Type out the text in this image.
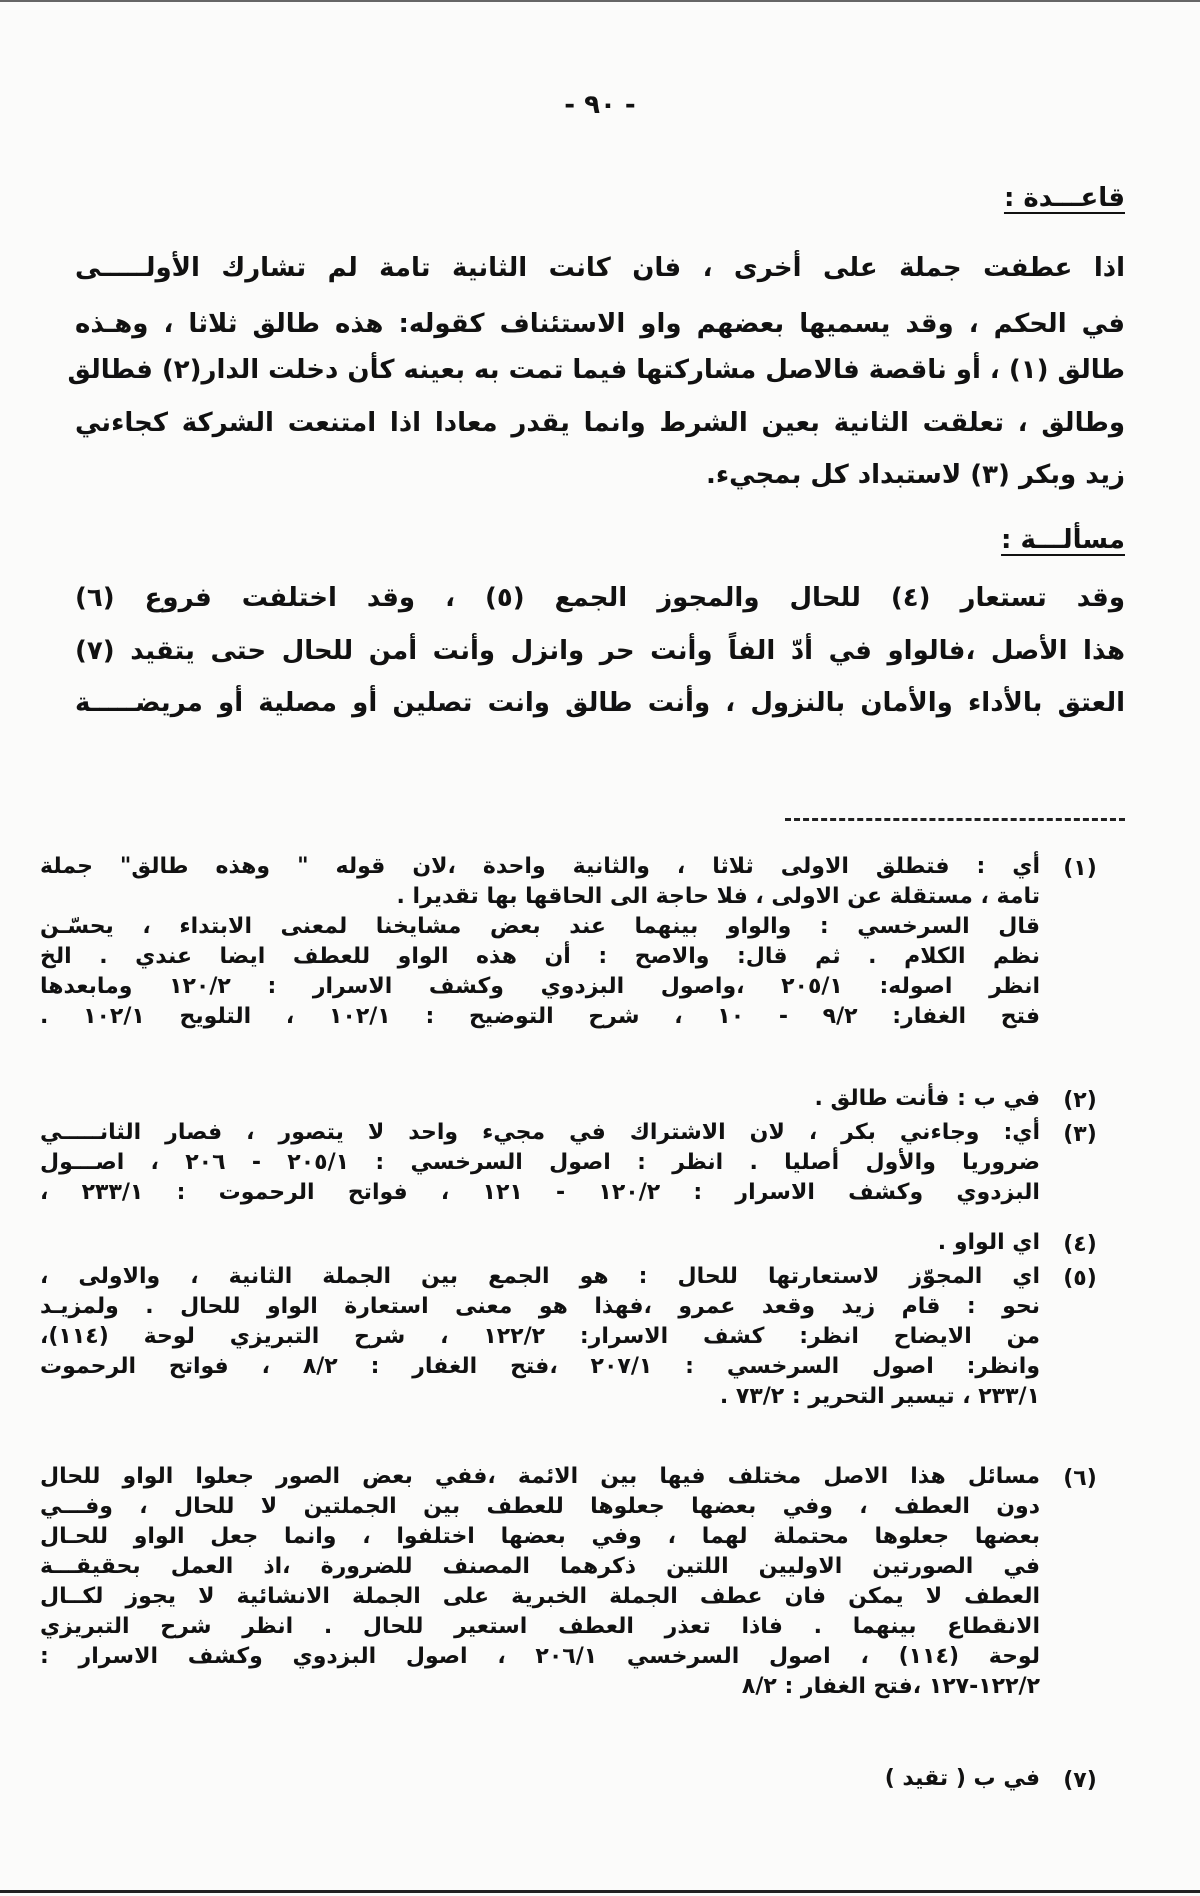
- ٩٠ -
قاعـــدة :
اذا عطفت جملة على أخرى ، فان كانت الثانية تامة لم تشارك الأولـــــى
في الحكم ، وقد يسميها بعضهم واو الاستئناف كقوله: هذه طالق ثلاثا ، وهـذه
طالق (١) ، أو ناقصة فالاصل مشاركتها فيما تمت به بعينه كأن دخلت الدار(٢) فطالق
وطالق ، تعلقت الثانية بعين الشرط وانما يقدر معادا اذا امتنعت الشركة كجاءني
زيد وبكر (٣) لاستبداد كل بمجيء.
مسألـــة :
وقد تستعار (٤) للحال والمجوز الجمع (٥) ، وقد اختلفت فروع (٦)
هذا الأصل ،فالواو في أدّ الفاً وأنت حر وانزل وأنت أمن للحال حتى يتقيد (٧)
العتق بالأداء والأمان بالنزول ، وأنت طالق وانت تصلين أو مصلية أو مريضـــــة
(١)
أي : فتطلق الاولى ثلاثا ، والثانية واحدة ،لان قوله " وهذه طالق" جملة
تامة ، مستقلة عن الاولى ، فلا حاجة الى الحاقها بها تقديرا .
قال السرخسي : والواو بينهما عند بعض مشايخنا لمعنى الابتداء ، يحسّـن
نظم الكلام . ثم قال: والاصح : أن هذه الواو للعطف ايضا عندي . الخ
انظر اصوله: ٢٠٥/١ ،واصول البزدوي وكشف الاسرار : ١٢٠/٢ ومابعدها
فتح الغفار: ٩/٢ - ١٠ ، شرح التوضيح : ١٠٢/١ ، التلويح ١٠٢/١ .
(٢)
في ب : فأنت طالق .
(٣)
أي: وجاءني بكر ، لان الاشتراك في مجيء واحد لا يتصور ، فصار الثانـــــي
ضروريا والأول أصليا . انظر : اصول السرخسي : ٢٠٥/١ - ٢٠٦ ، اصـــول
البزدوي وكشف الاسرار : ١٢٠/٢ - ١٢١ ، فواتح الرحموت : ٢٣٣/١ ،
(٤)
اي الواو .
(٥)
اي المجوّز لاستعارتها للحال : هو الجمع بين الجملة الثانية ، والاولى ،
نحو : قام زيد وقعد عمرو ،فهذا هو معنى استعارة الواو للحال . ولمزيـد
من الايضاح انظر: كشف الاسرار: ١٢٢/٢ ، شرح التبريزي لوحة (١١٤)،
وانظر: اصول السرخسي : ٢٠٧/١ ،فتح الغفار : ٨/٢ ، فواتح الرحموت
٢٣٣/١ ، تيسير التحرير : ٧٣/٢ .
(٦)
مسائل هذا الاصل مختلف فيها بين الائمة ،ففي بعض الصور جعلوا الواو للحال
دون العطف ، وفي بعضها جعلوها للعطف بين الجملتين لا للحال ، وفـــي
بعضها جعلوها محتملة لهما ، وفي بعضها اختلفوا ، وانما جعل الواو للحـال
في الصورتين الاوليين اللتين ذكرهما المصنف للضرورة ،اذ العمل بحقيقـــة
العطف لا يمكن فان عطف الجملة الخبرية على الجملة الانشائية لا يجوز لكــال
الانقطاع بينهما . فاذا تعذر العطف استعير للحال . انظر شرح التبريزي
لوحة (١١٤) ، اصول السرخسي ٢٠٦/١ ، اصول البزدوي وكشف الاسرار :
١٢٢/٢-١٢٧ ،فتح الغفار : ٨/٢
(٧)
في ب ( تقيد )
